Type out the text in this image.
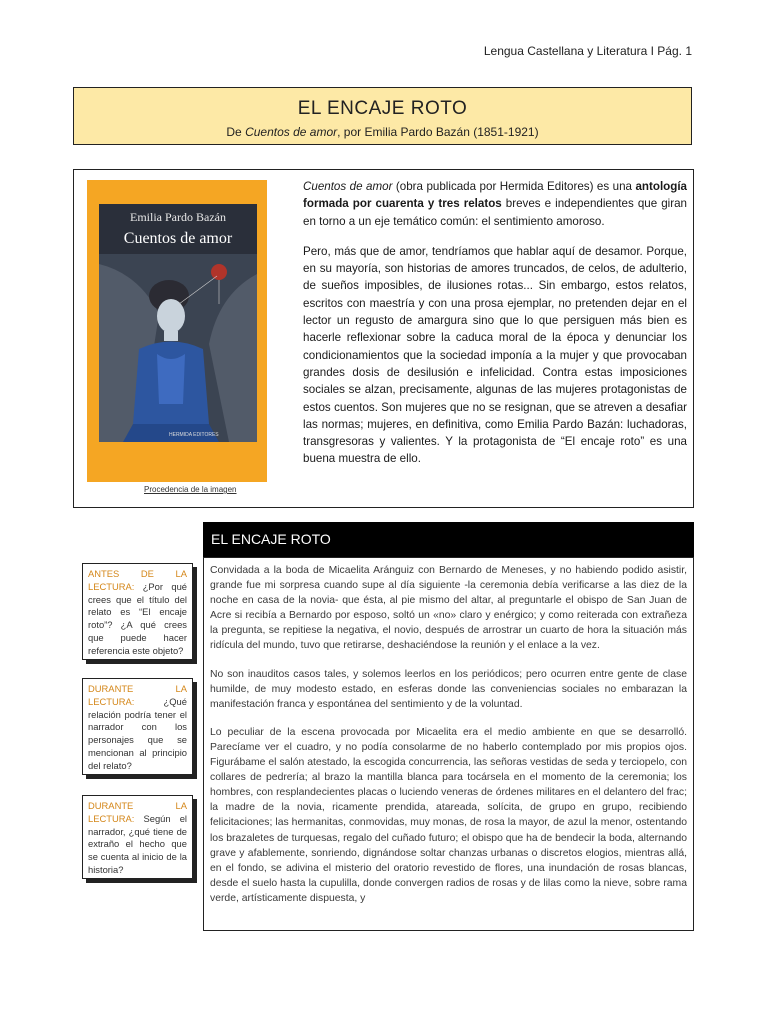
Lengua Castellana y Literatura I Pág. 1
EL ENCAJE ROTO
De Cuentos de amor, por Emilia Pardo Bazán (1851-1921)
Emilia Pardo Bazán
Cuentos de amor
HERMIDA EDITORES
Procedencia de la imagen

Cuentos de amor (obra publicada por Hermida Editores) es una antología formada por cuarenta y tres relatos breves e independientes que giran en torno a un eje temático común: el sentimiento amoroso.

Pero, más que de amor, tendríamos que hablar aquí de desamor. Porque, en su mayoría, son historias de amores truncados, de celos, de adulterio, de sueños imposibles, de ilusiones rotas... Sin embargo, estos relatos, escritos con maestría y con una prosa ejemplar, no pretenden dejar en el lector un regusto de amargura sino que lo que persiguen más bien es hacerle reflexionar sobre la caduca moral de la época y denunciar los condicionamientos que la sociedad imponía a la mujer y que provocaban grandes dosis de desilusión e infelicidad. Contra estas imposiciones sociales se alzan, precisamente, algunas de las mujeres protagonistas de estos cuentos. Son mujeres que no se resignan, que se atreven a desafiar las normas; mujeres, en definitiva, como Emilia Pardo Bazán: luchadoras, transgresoras y valientes. Y la protagonista de “El encaje roto” es una buena muestra de ello.

EL ENCAJE ROTO

Convidada a la boda de Micaelita Aránguiz con Bernardo de Meneses, y no habiendo podido asistir, grande fue mi sorpresa cuando supe al día siguiente -la ceremonia debía verificarse a las diez de la noche en casa de la novia- que ésta, al pie mismo del altar, al preguntarle el obispo de San Juan de Acre si recibía a Bernardo por esposo, soltó un «no» claro y enérgico; y como reiterada con extrañeza la pregunta, se repitiese la negativa, el novio, después de arrostrar un cuarto de hora la situación más ridícula del mundo, tuvo que retirarse, deshaciéndose la reunión y el enlace a la vez.

No son inauditos casos tales, y solemos leerlos en los periódicos; pero ocurren entre gente de clase humilde, de muy modesto estado, en esferas donde las conveniencias sociales no embarazan la manifestación franca y espontánea del sentimiento y de la voluntad.

Lo peculiar de la escena provocada por Micaelita era el medio ambiente en que se desarrolló. Parecíame ver el cuadro, y no podía consolarme de no haberlo contemplado por mis propios ojos. Figurábame el salón atestado, la escogida concurrencia, las señoras vestidas de seda y terciopelo, con collares de pedrería; al brazo la mantilla blanca para tocársela en el momento de la ceremonia; los hombres, con resplandecientes placas o luciendo veneras de órdenes militares en el delantero del frac; la madre de la novia, ricamente prendida, atareada, solícita, de grupo en grupo, recibiendo felicitaciones; las hermanitas, conmovidas, muy monas, de rosa la mayor, de azul la menor, ostentando los brazaletes de turquesas, regalo del cuñado futuro; el obispo que ha de bendecir la boda, alternando grave y afablemente, sonriendo, dignándose soltar chanzas urbanas o discretos elogios, mientras allá, en el fondo, se adivina el misterio del oratorio revestido de flores, una inundación de rosas blancas, desde el suelo hasta la cupulilla, donde convergen radios de rosas y de lilas como la nieve, sobre rama verde, artísticamente dispuesta, y

ANTES DE LA LECTURA: ¿Por qué crees que el título del relato es “El encaje roto”? ¿A qué crees que puede hacer referencia este objeto?
DURANTE LA LECTURA: ¿Qué relación podría tener el narrador con los personajes que se mencionan al principio del relato?
DURANTE LA LECTURA: Según el narrador, ¿qué tiene de extraño el hecho que se cuenta al inicio de la historia?
